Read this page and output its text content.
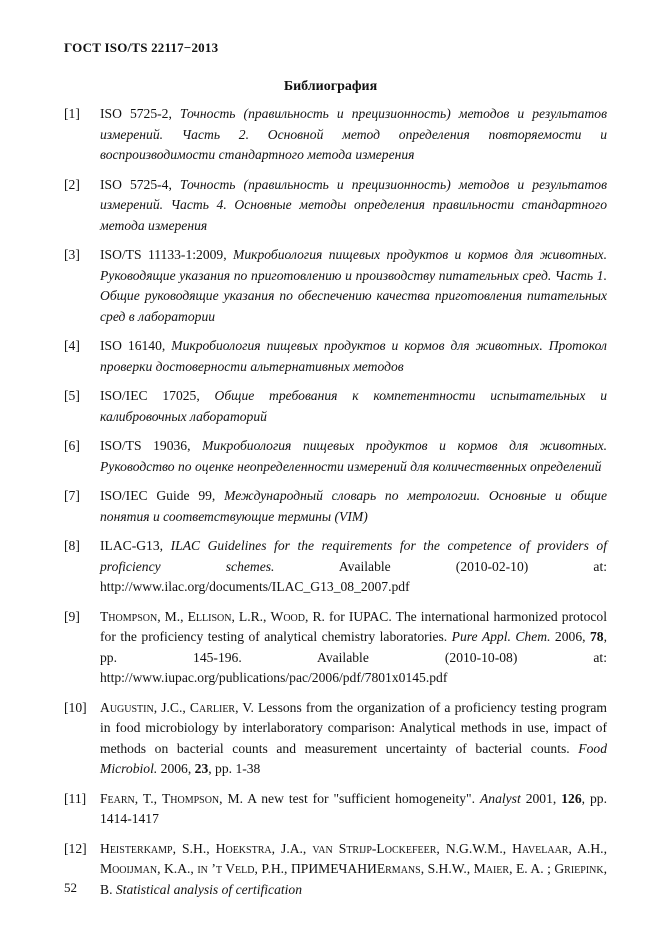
ГОСТ ISO/TS 22117−2013
Библиография
[1]	ISO 5725-2, Точность (правильность и прецизионность) методов и результатов измерений. Часть 2. Основной метод определения повторяемости и воспроизводимости стандартного метода измерения
[2]	ISO 5725-4, Точность (правильность и прецизионность) методов и результатов измерений. Часть 4. Основные методы определения правильности стандартного метода измерения
[3]	ISO/TS 11133-1:2009, Микробиология пищевых продуктов и кормов для животных. Руководящие указания по приготовлению и производству питательных сред. Часть 1. Общие руководящие указания по обеспечению качества приготовления питательных сред в лаборатории
[4]	ISO 16140, Микробиология пищевых продуктов и кормов для животных. Протокол проверки достоверности альтернативных методов
[5]	ISO/IEC 17025, Общие требования к компетентности испытательных и калибровочных лабораторий
[6]	ISO/TS 19036, Микробиология пищевых продуктов и кормов для животных. Руководство по оценке неопределенности измерений для количественных определений
[7]	ISO/IEC Guide 99, Международный словарь по метрологии. Основные и общие понятия и соответствующие термины (VIM)
[8]	ILAC-G13, ILAC Guidelines for the requirements for the competence of providers of proficiency schemes. Available (2010-02-10) at: http://www.ilac.org/documents/ILAC_G13_08_2007.pdf
[9]	Thompson, M., Ellison, L.R., Wood, R. for IUPAC. The international harmonized protocol for the proficiency testing of analytical chemistry laboratories. Pure Appl. Chem. 2006, 78, pp. 145-196. Available (2010-10-08) at: http://www.iupac.org/publications/pac/2006/pdf/7801x0145.pdf
[10] Augustin, J.C., Carlier, V. Lessons from the organization of a proficiency testing program in food microbiology by interlaboratory comparison: Analytical methods in use, impact of methods on bacterial counts and measurement uncertainty of bacterial counts. Food Microbiol. 2006, 23, pp. 1-38
[11]	Fearn, T., Thompson, M. A new test for "sufficient homogeneity". Analyst 2001, 126, pp. 1414-1417
[12] Heisterkamp, S.H., Hoekstra, J.A., van Strijp-Lockefeer, N.G.W.M., Havelaar, A.H., Mooijman, K.A., in ’t Veld, P.H., ПРИМЕЧАНИЕrmans, S.H.W., Maier, E. A. ; Griepink, B. Statistical analysis of certification
52
